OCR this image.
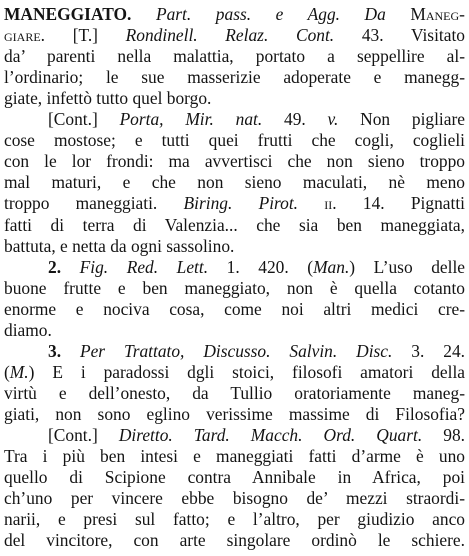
MANEGGIATO. Part. pass. e Agg. Da Maneg-
giare. [T.] Rondinell. Relaz. Cont. 43. Visitato
da’ parenti nella malattia, portato a seppellire al-
l’ordinario; le sue masserizie adoperate e manegg-
giate, infettò tutto quel borgo.
[Cont.] Porta, Mir. nat. 49. v. Non pigliare
cose mostose; e tutti quei frutti che cogli, coglieli
con le lor frondi: ma avvertisci che non sieno troppo
mal maturi, e che non sieno maculati, nè meno
troppo maneggiati. Biring. Pirot. ii. 14. Pignatti
fatti di terra di Valenzia... che sia ben maneggiata,
battuta, e netta da ogni sassolino.
2. Fig. Red. Lett. 1. 420. (Man.) L’uso delle
buone frutte e ben maneggiato, non è quella cotanto
enorme e nociva cosa, come noi altri medici cre-
diamo.
3. Per Trattato, Discusso. Salvin. Disc. 3. 24.
(M.) E i paradossi dgli stoici, filosofi amatori della
virtù e dell’onesto, da Tullio oratoriamente maneg-
giati, non sono eglino verissime massime di Filosofia?
[Cont.] Diretto. Tard. Macch. Ord. Quart. 98.
Tra i più ben intesi e maneggiati fatti d’arme è uno
quello di Scipione contra Annibale in Africa, poi
ch’uno per vincere ebbe bisogno de’ mezzi straordi-
narii, e presi sul fatto; e l’altro, per giudizio anco
del vincitore, con arte singolare ordinò le schiere.
